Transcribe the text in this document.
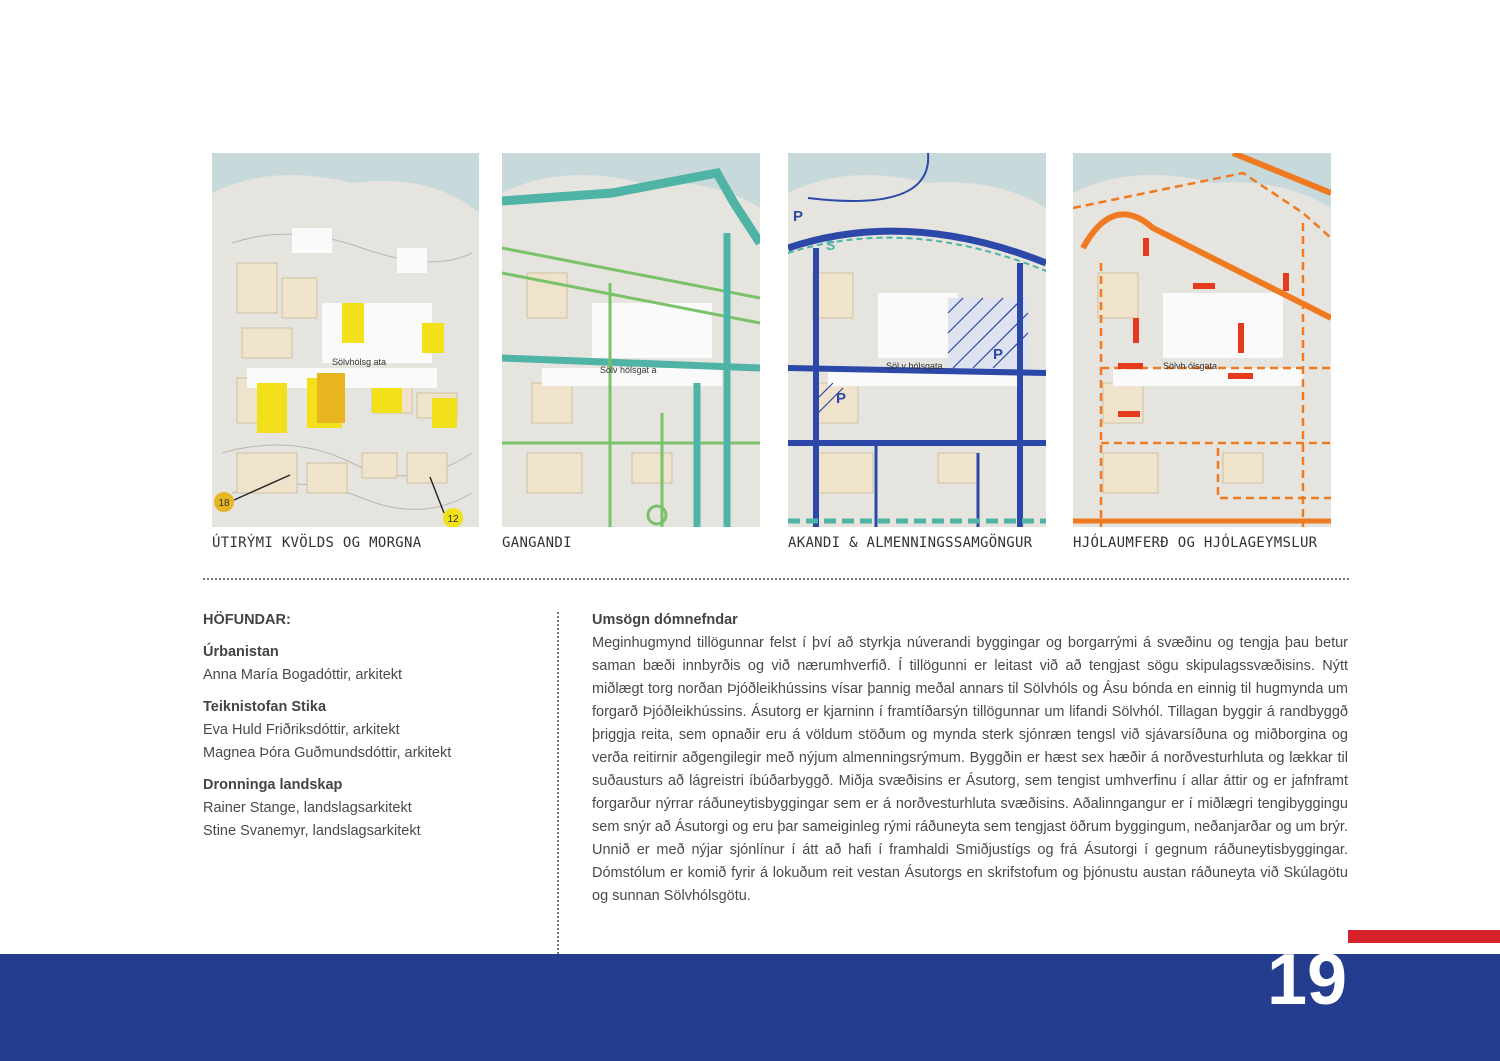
Sölvhólsg ata
18
12
Sölv hólsgat a
P
S
P
P
Söl v hólsgata	Sölvh ólsgata
ÚTIRÝMI KVÖLDS OG MORGNA	GANGANDI	AKANDI & ALMENNINGSSAMGÖNGUR	HJÓLAUMFERÐ OG HJÓLAGEYMSLUR
HÖFUNDAR:
Úrbanistan
Anna María Bogadóttir, arkitekt
Teiknistofan Stika
Eva Huld Friðriksdóttir, arkitekt
Magnea Þóra Guðmundsdóttir, arkitekt
Dronninga landskap
Rainer Stange, landslagsarkitekt
Stine Svanemyr, landslagsarkitekt
Umsögn dómnefndar

Meginhugmynd tillögunnar felst í því að styrkja núverandi byggingar og borgarrými á svæðinu og tengja þau betur saman bæði innbyrðis og við nærumhverfið. Í tillögunni er leitast við að tengjast sögu skipulagssvæðisins. Nýtt miðlægt torg norðan Þjóðleikhússins vísar þannig meðal annars til Sölvhóls og Ásu bónda en einnig til hugmynda um forgarð Þjóðleikhússins. Ásutorg er kjarninn í framtíðarsýn tillögunnar um lifandi Sölvhól. Tillagan byggir á randbyggð þriggja reita, sem opnaðir eru á völdum stöðum og mynda sterk sjónræn tengsl við sjávarsíðuna og miðborgina og verða reitirnir aðgengilegir með nýjum almenningsrýmum. Byggðin er hæst sex hæðir á norðvesturhluta og lækkar til suðausturs að lágreistri íbúðarbyggð. Miðja svæðisins er Ásutorg, sem tengist umhverfinu í allar áttir og er jafnframt forgarður nýrrar ráðuneytisbyggingar sem er á norðvesturhluta svæðisins. Aðalinngangur er í miðlægri tengibyggingu sem snýr að Ásutorgi og eru þar sameiginleg rými ráðuneyta sem tengjast öðrum byggingum, neðanjarðar og um brýr. Unnið er með nýjar sjónlínur í átt að hafi í framhaldi Smiðjustígs og frá Ásutorgi í gegnum ráðuneytisbyggingar. Dómstólum er komið fyrir á lokuðum reit vestan Ásutorgs en skrifstofum og þjónustu austan ráðuneyta við Skúlagötu og sunnan Sölvhólsgötu.

19
